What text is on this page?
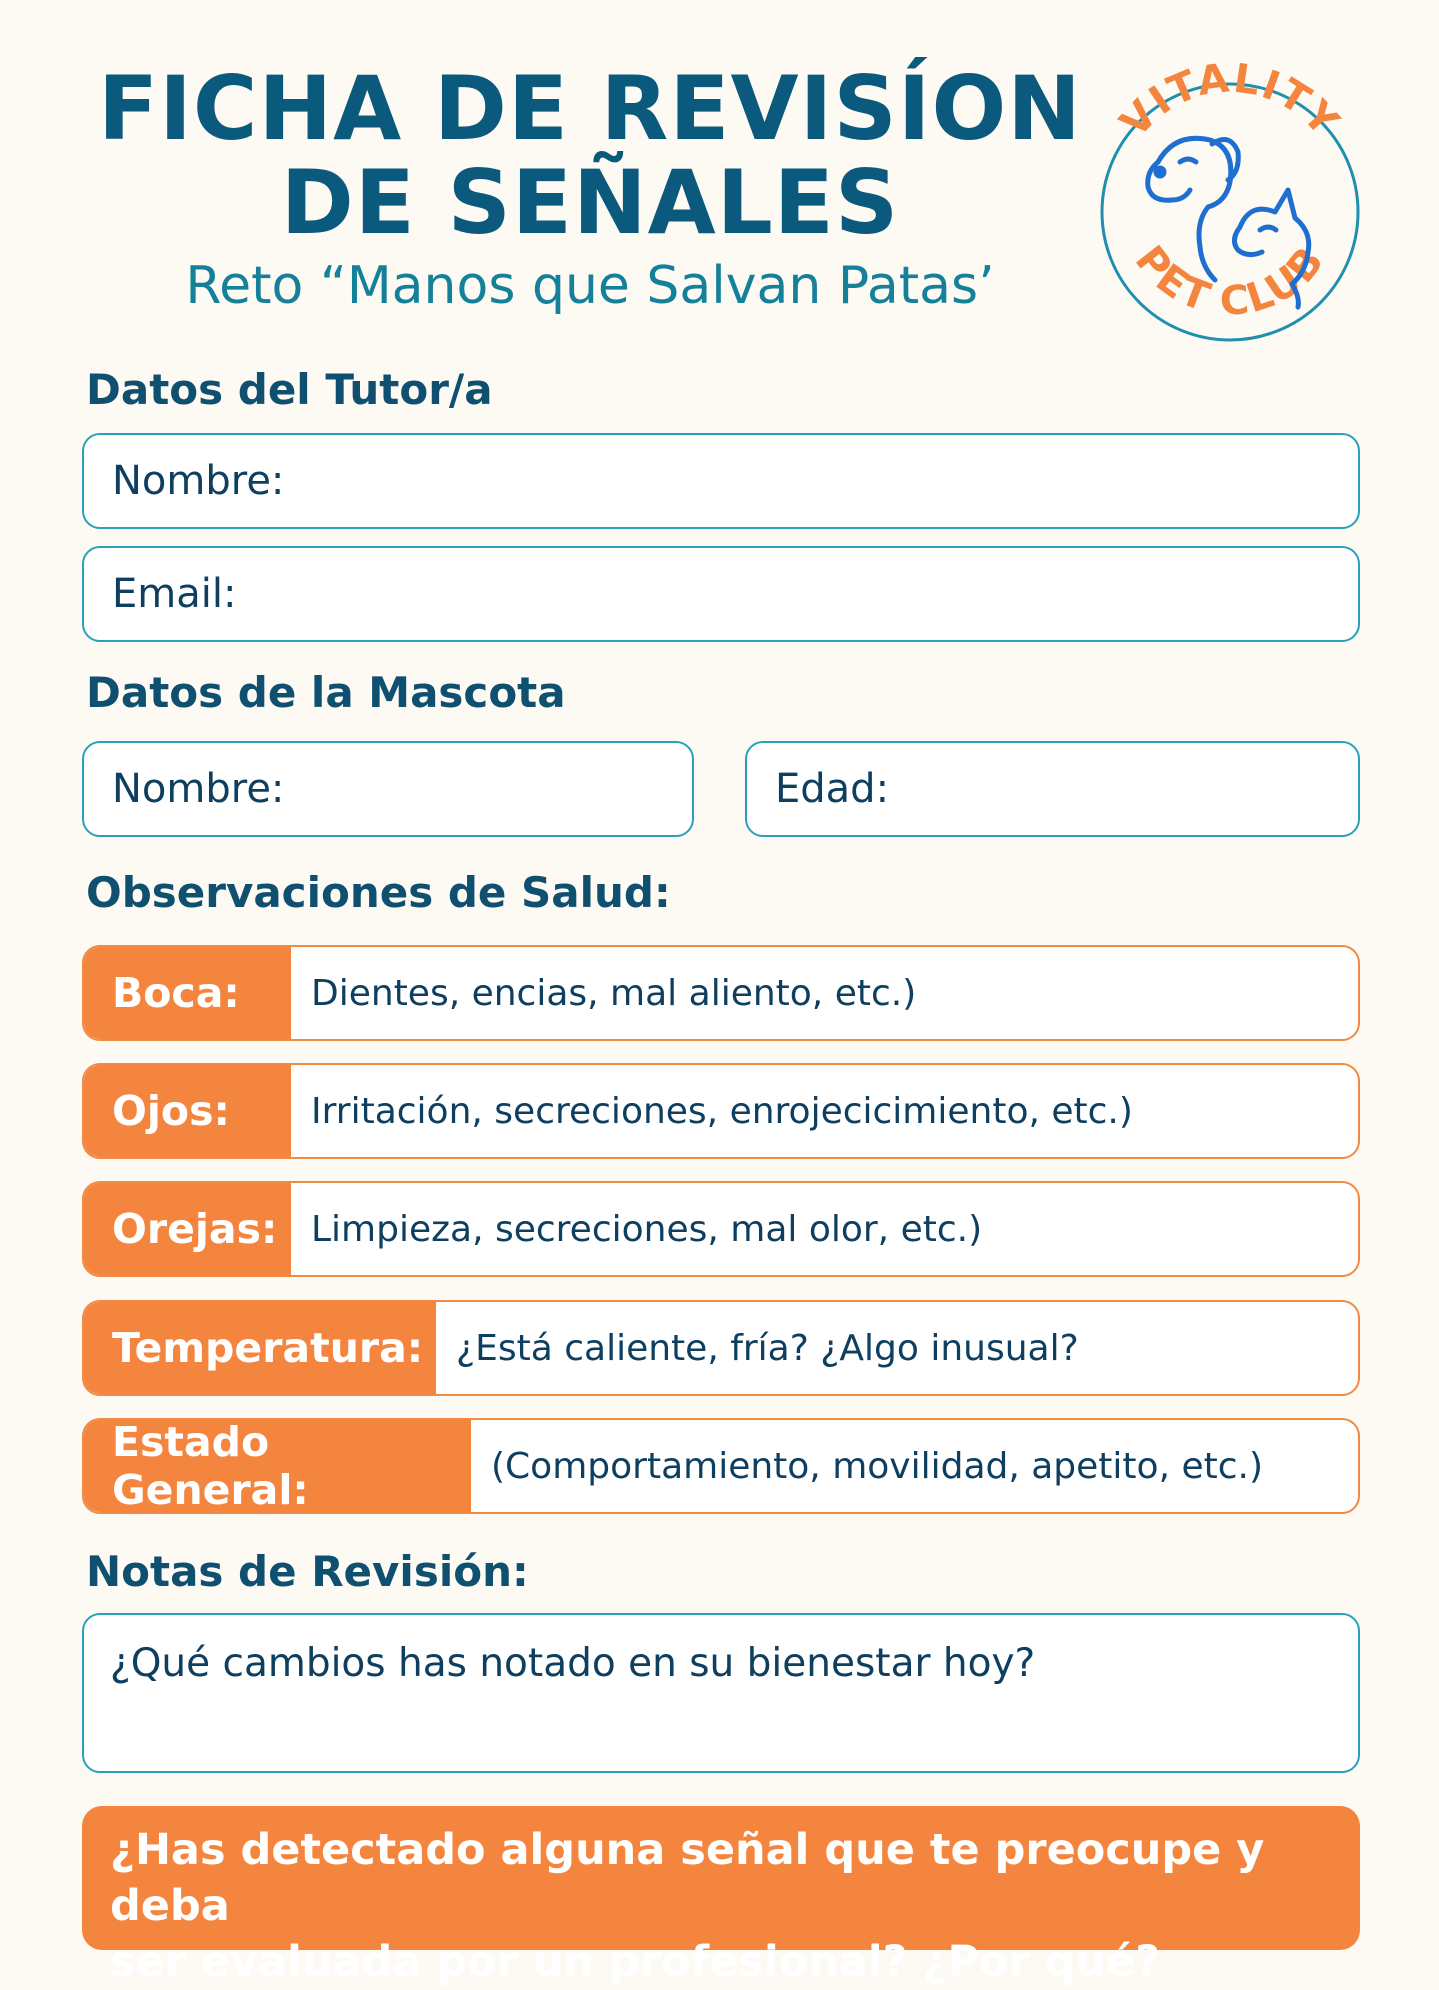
FICHA DE REVISÍON
DE SEÑALES

Reto “Manos que Salvan Patas’

VITALITY
PET CLUB
Datos del Tutor/a
Nombre:
Email:
Datos de la Mascota
Nombre:	Edad:
Observaciones de Salud:
Boca:	Dientes, encias, mal aliento, etc.)
Ojos:	Irritación, secreciones, enrojecicimiento, etc.)
Orejas: Limpieza, secreciones, mal olor, etc.)
Temperatura: ¿Está caliente, fría? ¿Algo inusual?
Estado General:	(Comportamiento, movilidad, apetito, etc.)
Notas de Revisión:
¿Qué cambios has notado en su bienestar hoy?
¿Has detectado alguna señal que te preocupe y deba
ser evaluada por un profesional? ¿Por qué?
